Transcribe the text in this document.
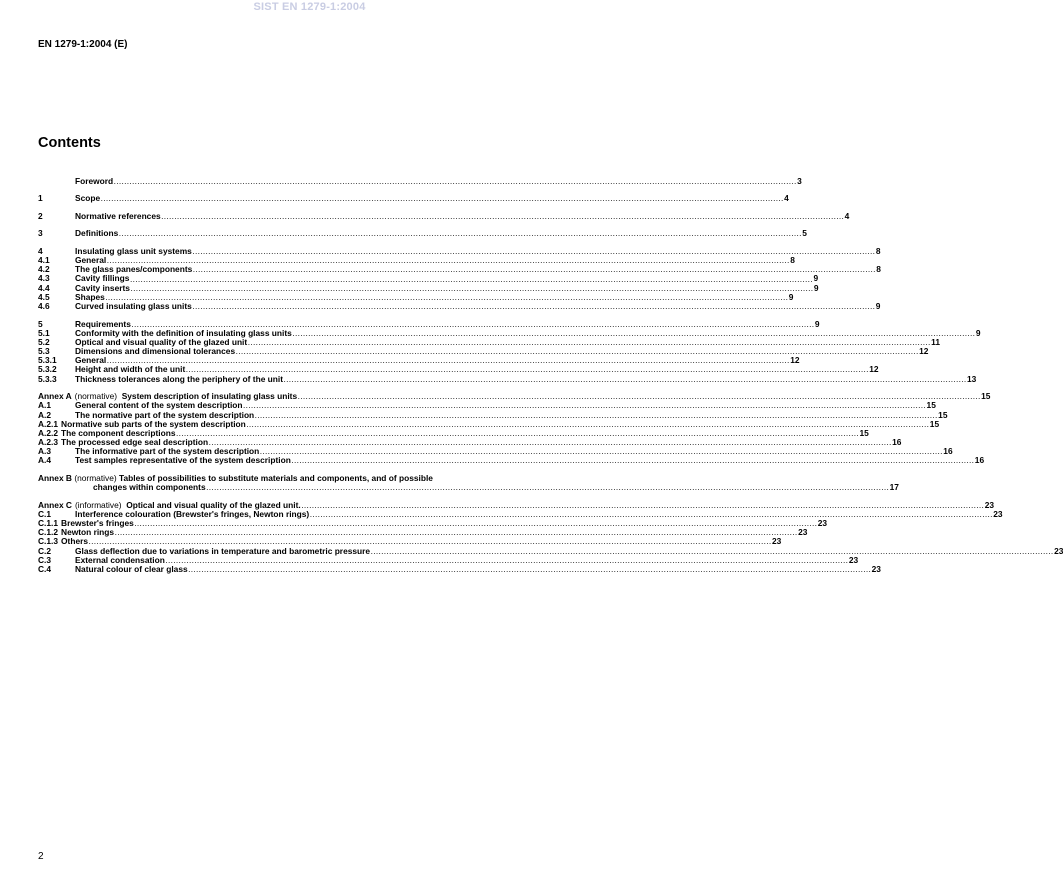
SIST EN 1279-1:2004
EN 1279-1:2004 (E)
Contents
Foreword .....	3
1	Scope .....	4
2	Normative references .....	4
3	Definitions .....	5
4	Insulating glass unit systems .....	8
4.1	General .....	8
4.2	The glass panes/components .....	8
4.3	Cavity fillings .....	9
4.4	Cavity inserts .....	9
4.5	Shapes .....	9
4.6	Curved insulating glass units .....	9
5	Requirements .....	9
5.1	Conformity with the definition of insulating glass units .....	9
5.2	Optical and visual quality of the glazed unit .....	11
5.3	Dimensions and dimensional tolerances .....	12
5.3.1	General .....	12
5.3.2	Height and width of the unit .....	12
5.3.3	Thickness tolerances along the periphery of the unit .....	13
Annex A (normative) System description of insulating glass units .....	15
A.1	General content of the system description .....	15
A.2	The normative part of the system description .....	15
A.2.1 Normative sub parts of the system description .....	15
A.2.2 The component descriptions .....	15
A.2.3 The processed edge seal description .....	16
A.3	The informative part of the system description .....	16
A.4	Test samples representative of the system description .....	16
Annex B (normative) Tables of possibilities to substitute materials and components, and of possible
changes within components .....	17
Annex C (informative) Optical and visual quality of the glazed unit. .....	23
C.1	Interference colouration (Brewster's fringes, Newton rings) .....	23
C.1.1 Brewster's fringes .....	23
C.1.2 Newton rings .....	23
C.1.3 Others .....	23
C.2	Glass deflection due to variations in temperature and barometric pressure .....	23
C.3	External condensation .....	23
C.4	Natural colour of clear glass .....	23
2
